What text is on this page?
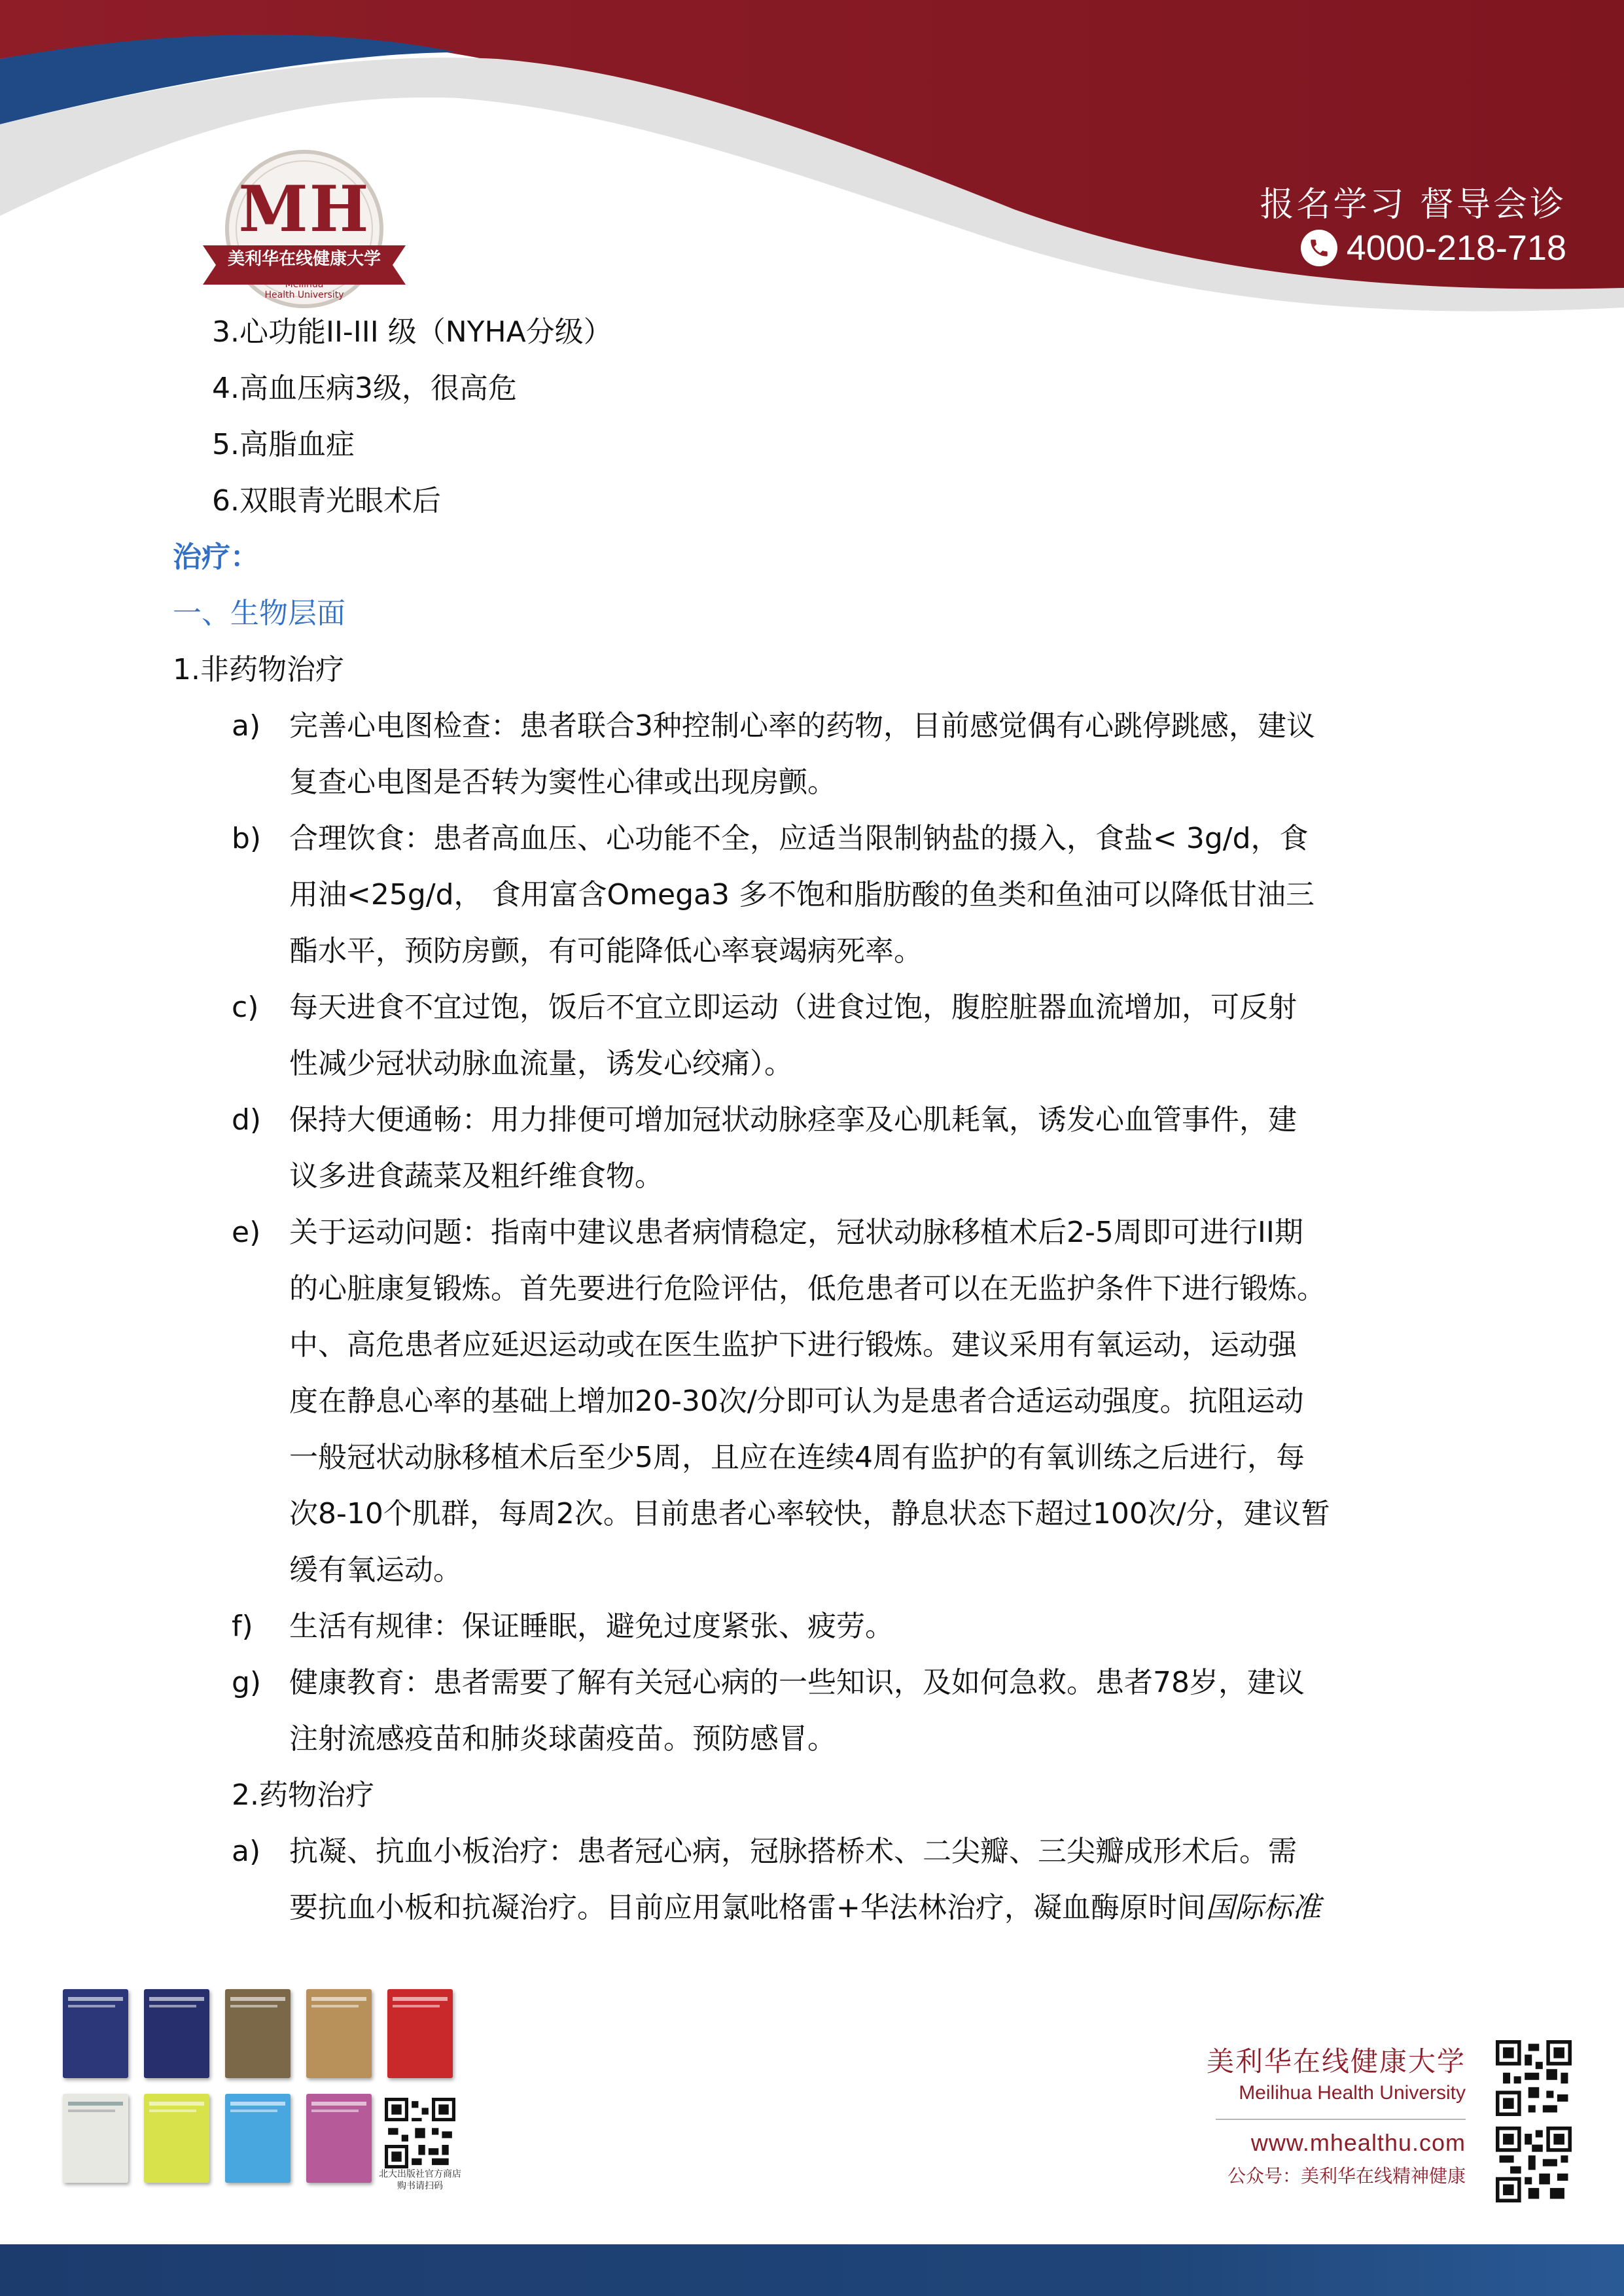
MH
美利华在线健康大学
Meilihua
Health University
报名学习 督导会诊
4000-218-718
3.心功能II-III 级（NYHA分级）
4.高血压病3级，很高危
5.高脂血症
6.双眼青光眼术后
治疗：
一、生物层面
1.非药物治疗
a) 完善心电图检查：患者联合3种控制心率的药物，目前感觉偶有心跳停跳感，建议
复查心电图是否转为窦性心律或出现房颤。
b) 合理饮食：患者高血压、心功能不全，应适当限制钠盐的摄入，食盐< 3g/d，食
用油<25g/d， 食用富含Omega3 多不饱和脂肪酸的鱼类和鱼油可以降低甘油三
酯水平，预防房颤，有可能降低心率衰竭病死率。
c) 每天进食不宜过饱，饭后不宜立即运动（进食过饱，腹腔脏器血流增加，可反射
性减少冠状动脉血流量，诱发心绞痛）。
d) 保持大便通畅：用力排便可增加冠状动脉痉挛及心肌耗氧，诱发心血管事件，建
议多进食蔬菜及粗纤维食物。
e) 关于运动问题：指南中建议患者病情稳定，冠状动脉移植术后2-5周即可进行II期
的心脏康复锻炼。首先要进行危险评估，低危患者可以在无监护条件下进行锻炼。
中、高危患者应延迟运动或在医生监护下进行锻炼。建议采用有氧运动，运动强
度在静息心率的基础上增加20-30次/分即可认为是患者合适运动强度。抗阻运动
一般冠状动脉移植术后至少5周，且应在连续4周有监护的有氧训练之后进行，每
次8-10个肌群，每周2次。目前患者心率较快，静息状态下超过100次/分，建议暂
缓有氧运动。
f) 生活有规律：保证睡眠，避免过度紧张、疲劳。
g) 健康教育：患者需要了解有关冠心病的一些知识，及如何急救。患者78岁，建议
注射流感疫苗和肺炎球菌疫苗。预防感冒。
2.药物治疗
a) 抗凝、抗血小板治疗：患者冠心病，冠脉搭桥术、二尖瓣、三尖瓣成形术后。需
要抗血小板和抗凝治疗。目前应用氯吡格雷+华法林治疗，凝血酶原时间国际标准
北大出版社官方商店
购书请扫码
美利华在线健康大学
Meilihua Health University
www.mhealthu.com
公众号：美利华在线精神健康
